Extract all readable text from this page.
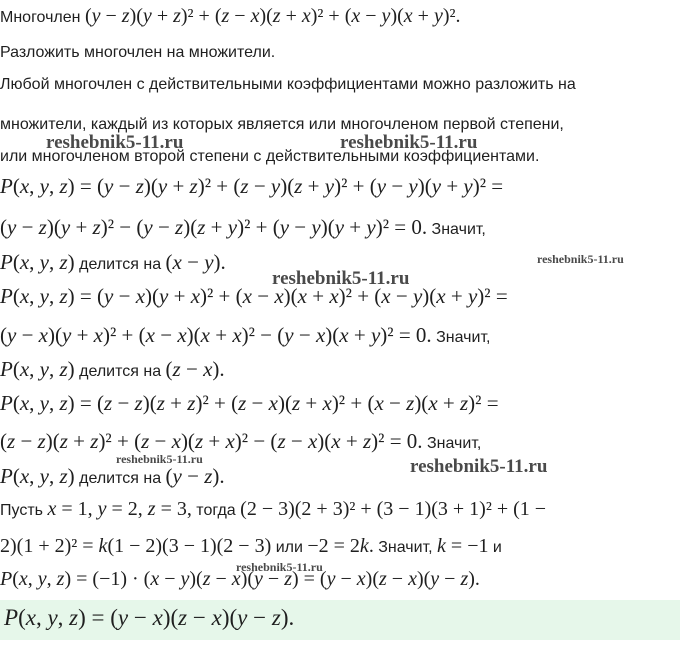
Многочлен (y − z)(y + z)² + (z − x)(z + x)² + (x − y)(x + y)².
Разложить многочлен на множители.
Любой многочлен с действительными коэффициентами можно разложить на
множители, каждый из которых является или многочленом первой степени,
или многочленом второй степени с действительными коэффициентами.
P(x, y, z) = (y − z)(y + z)² + (z − y)(z + y)² + (y − y)(y + y)² =
(y − z)(y + z)² − (y − z)(z + y)² + (y − y)(y + y)² = 0. Значит,
P(x, y, z) делится на (x − y).
P(x, y, z) = (y − x)(y + x)² + (x − x)(x + x)² + (x − y)(x + y)² =
(y − x)(y + x)² + (x − x)(x + x)² − (y − x)(x + y)² = 0. Значит,
P(x, y, z) делится на (z − x).
P(x, y, z) = (z − z)(z + z)² + (z − x)(z + x)² + (x − z)(x + z)² =
(z − z)(z + z)² + (z − x)(z + x)² − (z − x)(x + z)² = 0. Значит,
P(x, y, z) делится на (y − z).
Пусть x = 1, y = 2, z = 3, тогда (2 − 3)(2 + 3)² + (3 − 1)(3 + 1)² + (1 −
2)(1 + 2)² = k(1 − 2)(3 − 1)(2 − 3) или −2 = 2k. Значит, k = −1 и
P(x, y, z) = (−1) · (x − y)(z − x)(y − z) = (y − x)(z − x)(y − z).
P(x, y, z) = (y − x)(z − x)(y − z).
reshebnik5-11.ru	reshebnik5-11.ru
reshebnik5-11.ru
reshebnik5-11.ru
reshebnik5-11.ru	reshebnik5-11.ru
reshebnik5-11.ru
